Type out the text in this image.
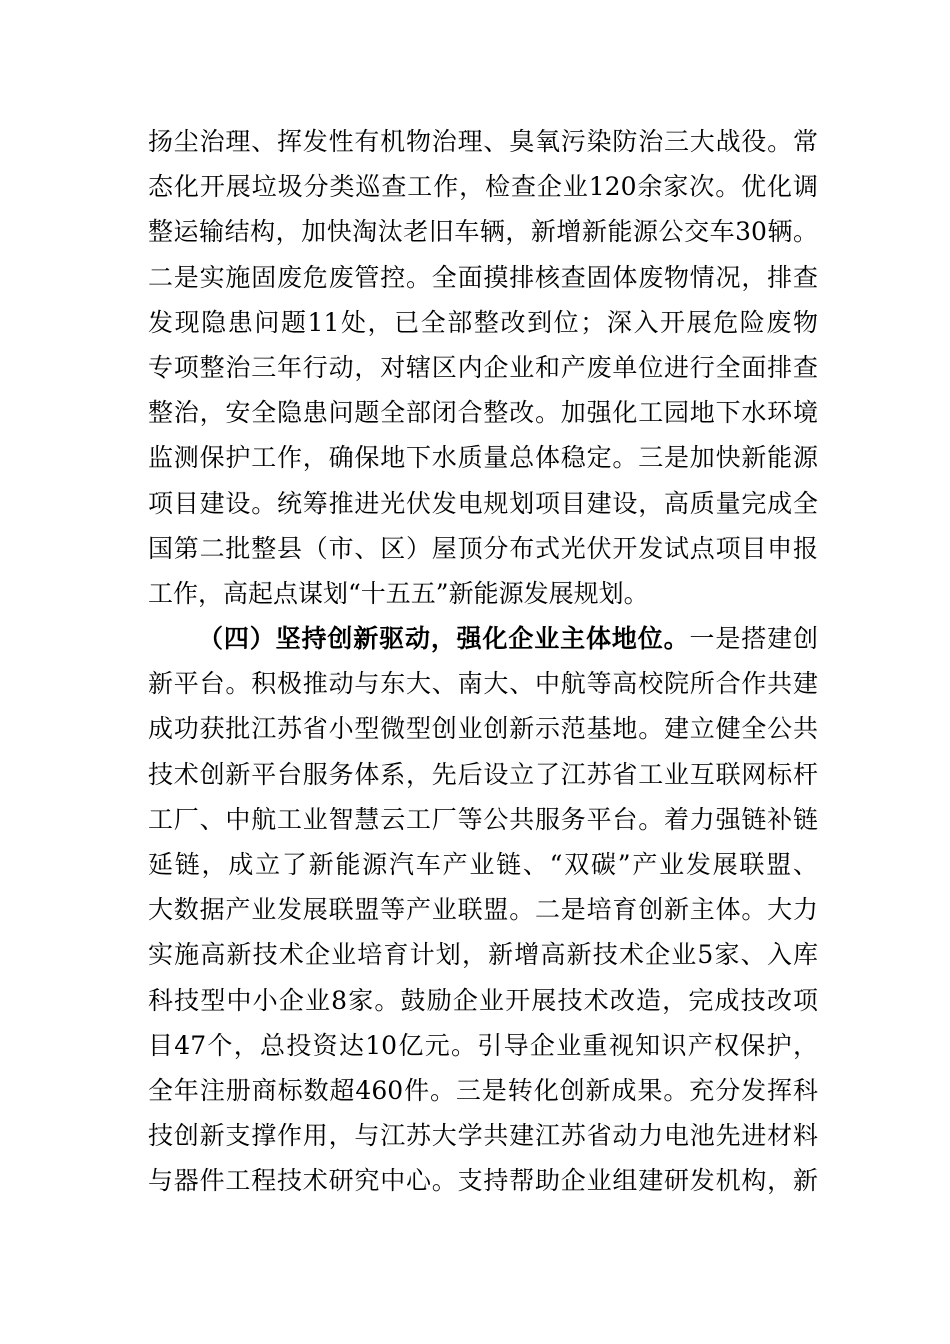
扬尘治理、挥发性有机物治理、臭氧污染防治三大战役。常
态化开展垃圾分类巡查工作，检查企业120余家次。优化调
整运输结构，加快淘汰老旧车辆，新增新能源公交车30辆。
二是实施固废危废管控。全面摸排核查固体废物情况，排查
发现隐患问题11处，已全部整改到位；深入开展危险废物
专项整治三年行动，对辖区内企业和产废单位进行全面排查
整治，安全隐患问题全部闭合整改。加强化工园地下水环境
监测保护工作，确保地下水质量总体稳定。三是加快新能源
项目建设。统筹推进光伏发电规划项目建设，高质量完成全
国第二批整县（市、区）屋顶分布式光伏开发试点项目申报
工作，高起点谋划“十五五”新能源发展规划。
（四）坚持创新驱动，强化企业主体地位。一是搭建创
新平台。积极推动与东大、南大、中航等高校院所合作共建
成功获批江苏省小型微型创业创新示范基地。建立健全公共
技术创新平台服务体系，先后设立了江苏省工业互联网标杆
工厂、中航工业智慧云工厂等公共服务平台。着力强链补链
延链，成立了新能源汽车产业链、“双碳”产业发展联盟、
大数据产业发展联盟等产业联盟。二是培育创新主体。大力
实施高新技术企业培育计划，新增高新技术企业5家、入库
科技型中小企业8家。鼓励企业开展技术改造，完成技改项
目47个，总投资达10亿元。引导企业重视知识产权保护，
全年注册商标数超460件。三是转化创新成果。充分发挥科
技创新支撑作用，与江苏大学共建江苏省动力电池先进材料
与器件工程技术研究中心。支持帮助企业组建研发机构，新
